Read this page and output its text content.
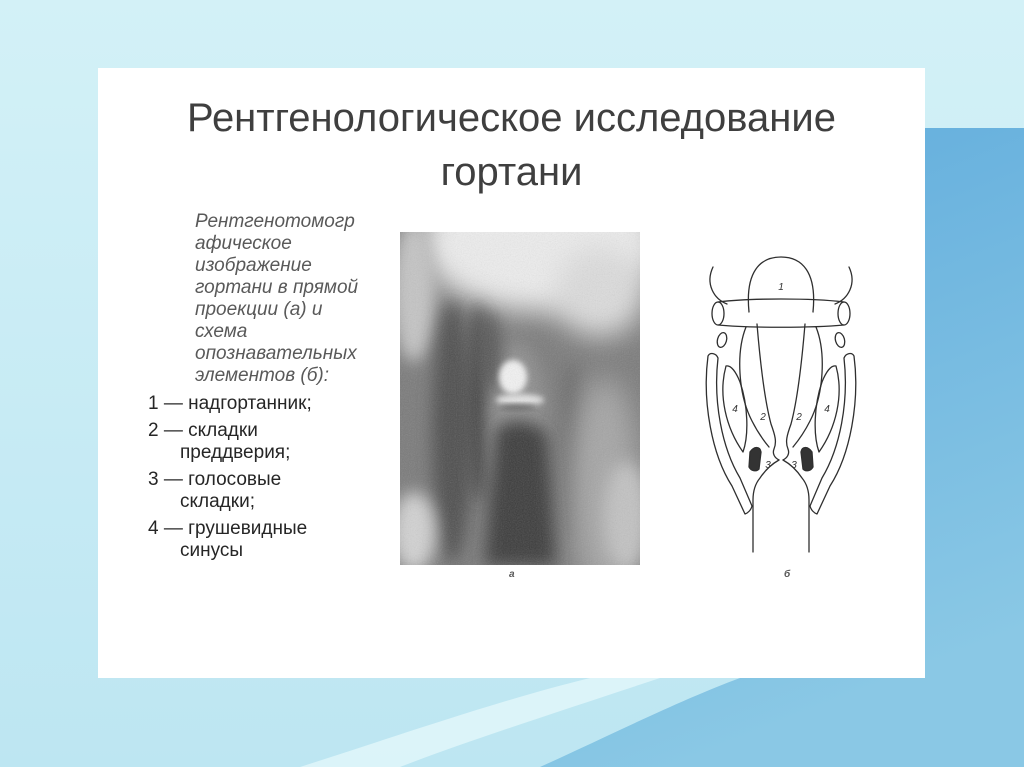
Рентгенологическое исследование
гортани
Рентгенотомогр
афическое
изображение
гортани в прямой
проекции (а) и
схема
опознавательных
элементов (б):
1 — надгортанник;
2 — складки
преддверия;
3 — голосовые
складки;
4 — грушевидные
синусы
а
1
2	2
3 3
4	4
б
